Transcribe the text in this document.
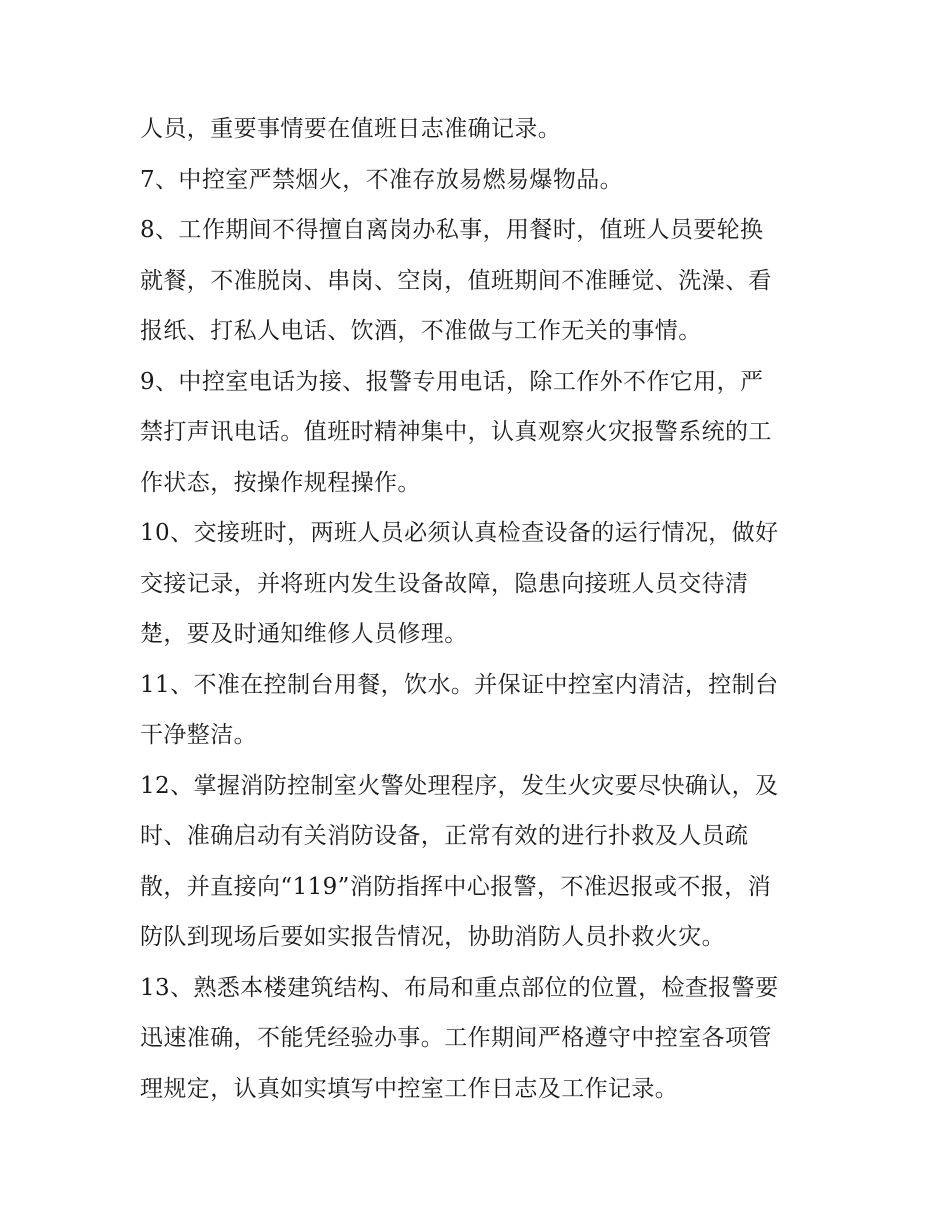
人员，重要事情要在值班日志准确记录。
7、中控室严禁烟火，不准存放易燃易爆物品。
8、工作期间不得擅自离岗办私事，用餐时，值班人员要轮换
就餐，不准脱岗、串岗、空岗，值班期间不准睡觉、洗澡、看
报纸、打私人电话、饮酒，不准做与工作无关的事情。
9、中控室电话为接、报警专用电话，除工作外不作它用，严
禁打声讯电话。值班时精神集中，认真观察火灾报警系统的工
作状态，按操作规程操作。
10、交接班时，两班人员必须认真检查设备的运行情况，做好
交接记录，并将班内发生设备故障，隐患向接班人员交待清
楚，要及时通知维修人员修理。
11、不准在控制台用餐，饮水。并保证中控室内清洁，控制台
干净整洁。
12、掌握消防控制室火警处理程序，发生火灾要尽快确认，及
时、准确启动有关消防设备，正常有效的进行扑救及人员疏
散，并直接向“119”消防指挥中心报警，不准迟报或不报，消
防队到现场后要如实报告情况，协助消防人员扑救火灾。
13、熟悉本楼建筑结构、布局和重点部位的位置，检查报警要
迅速准确，不能凭经验办事。工作期间严格遵守中控室各项管
理规定，认真如实填写中控室工作日志及工作记录。
